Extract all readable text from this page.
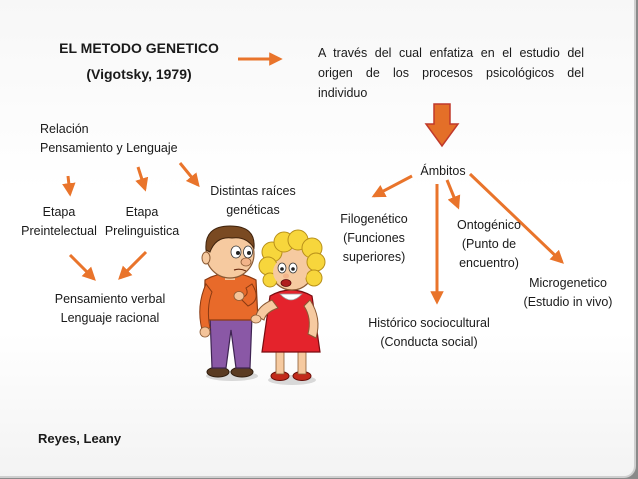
EL METODO GENETICO
(Vigotsky, 1979)
A través del cual enfatiza en el estudio del origen de los procesos psicológicos del individuo
Relación
Pensamiento y Lenguaje
Etapa
Preintelectual
Etapa
Prelinguistica
Distintas raíces
genéticas
Pensamiento verbal
Lenguaje racional
Ámbitos
Filogenético
(Funciones
superiores)
Ontogénico
(Punto de
encuentro)
Microgenetico
(Estudio in vivo)
Histórico sociocultural
(Conducta social)
Reyes, Leany
